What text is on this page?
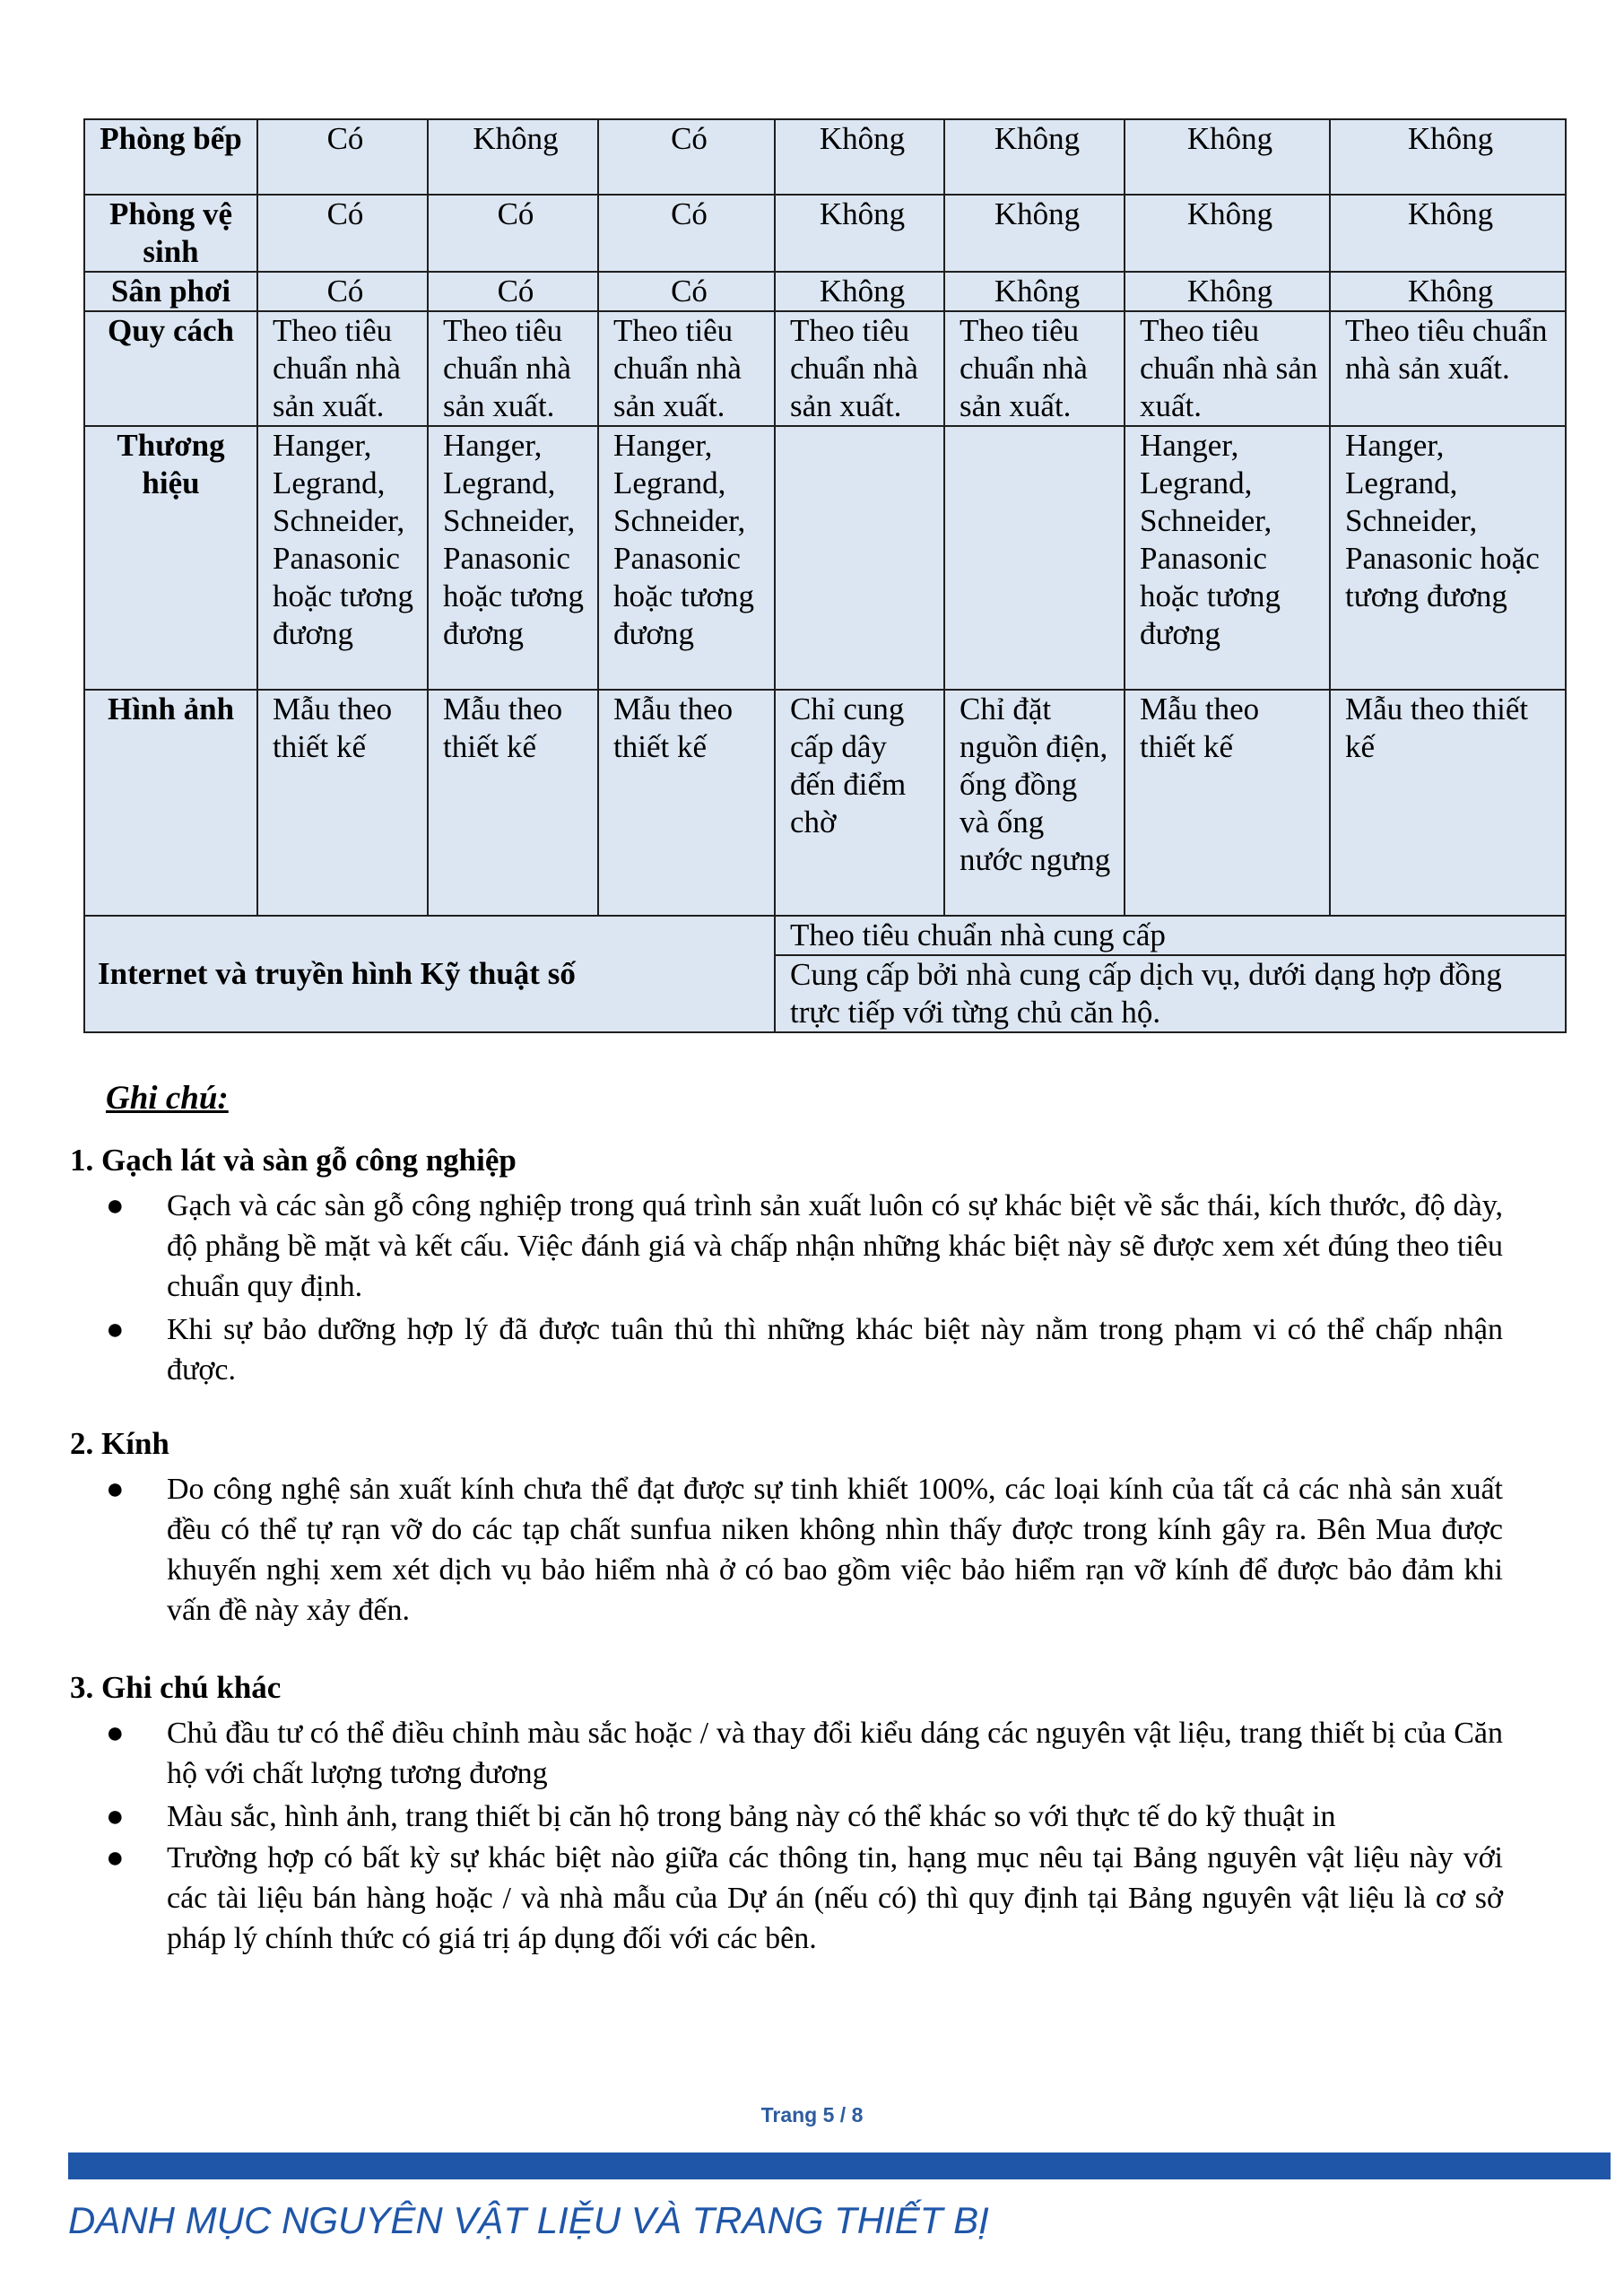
Phòng bếp	Có	Không	Có	Không	Không	Không	Không
Phòng vệ sinh	Có	Có	Có	Không	Không	Không	Không
Sân phơi	Có	Có	Có	Không	Không	Không	Không
Quy cách	Theo tiêu chuẩn nhà sản xuất.	Theo tiêu chuẩn nhà sản xuất.	Theo tiêu chuẩn nhà sản xuất.	Theo tiêu chuẩn nhà sản xuất.	Theo tiêu chuẩn nhà sản xuất.	Theo tiêu chuẩn nhà sản xuất.	Theo tiêu chuẩn nhà sản xuất.
Thương hiệu	Hanger, Legrand, Schneider, Panasonic hoặc tương đương	Hanger, Legrand, Schneider, Panasonic hoặc tương đương	Hanger, Legrand, Schneider, Panasonic hoặc tương đương			Hanger, Legrand, Schneider, Panasonic hoặc tương đương	Hanger, Legrand, Schneider, Panasonic hoặc tương đương
Hình ảnh	Mẫu theo thiết kế	Mẫu theo thiết kế	Mẫu theo thiết kế	Chỉ cung cấp dây đến điểm chờ	Chỉ đặt nguồn điện, ống đồng và ống nước ngưng	Mẫu theo thiết kế	Mẫu theo thiết kế
Internet và truyền hình Kỹ thuật số				Theo tiêu chuẩn nhà cung cấp			
				Cung cấp bởi nhà cung cấp dịch vụ, dưới dạng hợp đồng trực tiếp với từng chủ căn hộ.			
Ghi chú:
1. Gạch lát và sàn gỗ công nghiệp
● Gạch và các sàn gỗ công nghiệp trong quá trình sản xuất luôn có sự khác biệt về sắc thái, kích thước, độ dày, độ phẳng bề mặt và kết cấu. Việc đánh giá và chấp nhận những khác biệt này sẽ được xem xét đúng theo tiêu chuẩn quy định.
● Khi sự bảo dưỡng hợp lý đã được tuân thủ thì những khác biệt này nằm trong phạm vi có thể chấp nhận được.
2. Kính
● Do công nghệ sản xuất kính chưa thể đạt được sự tinh khiết 100%, các loại kính của tất cả các nhà sản xuất đều có thể tự rạn vỡ do các tạp chất sunfua niken không nhìn thấy được trong kính gây ra. Bên Mua được khuyến nghị xem xét dịch vụ bảo hiểm nhà ở có bao gồm việc bảo hiểm rạn vỡ kính để được bảo đảm khi vấn đề này xảy đến.
3. Ghi chú khác
● Chủ đầu tư có thể điều chỉnh màu sắc hoặc / và thay đổi kiểu dáng các nguyên vật liệu, trang thiết bị của Căn hộ với chất lượng tương đương
● Màu sắc, hình ảnh, trang thiết bị căn hộ trong bảng này có thể khác so với thực tế do kỹ thuật in
● Trường hợp có bất kỳ sự khác biệt nào giữa các thông tin, hạng mục nêu tại Bảng nguyên vật liệu này với các tài liệu bán hàng hoặc / và nhà mẫu của Dự án (nếu có) thì quy định tại Bảng nguyên vật liệu là cơ sở pháp lý chính thức có giá trị áp dụng đối với các bên.
Trang 5 / 8
DANH MỤC NGUYÊN VẬT LIỆU VÀ TRANG THIẾT BỊ
